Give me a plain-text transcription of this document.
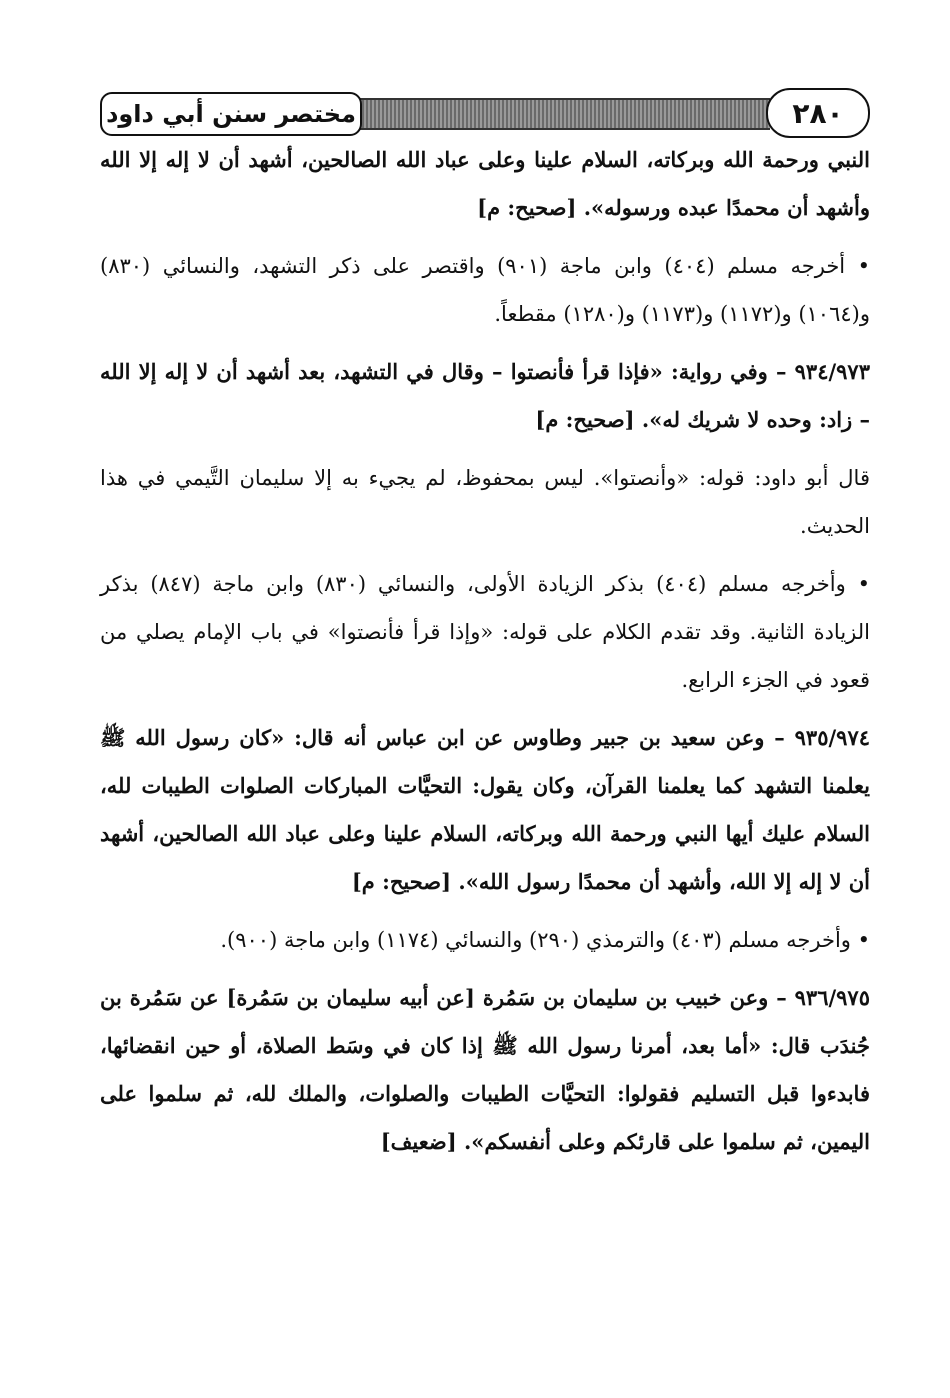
مختصر سنن أبي داود	٢٨٠

النبي ورحمة الله وبركاته، السلام علينا وعلى عباد الله الصالحين، أشهد أن لا إله إلا الله وأشهد أن محمدًا عبده ورسوله». [صحيح: م]

• أخرجه مسلم (٤٠٤) وابن ماجة (٩٠١) واقتصر على ذكر التشهد، والنسائي (٨٣٠) و(١٠٦٤) و(١١٧٢) و(١١٧٣) و(١٢٨٠) مقطعاً.

٩٣٤/٩٧٣ – وفي رواية: «فإذا قرأ فأنصتوا – وقال في التشهد، بعد أشهد أن لا إله إلا الله – زاد: وحده لا شريك له». [صحيح: م]

قال أبو داود: قوله: «وأنصتوا». ليس بمحفوظ، لم يجيء به إلا سليمان التَّيمي في هذا الحديث.

• وأخرجه مسلم (٤٠٤) بذكر الزيادة الأولى، والنسائي (٨٣٠) وابن ماجة (٨٤٧) بذكر الزيادة الثانية. وقد تقدم الكلام على قوله: «وإذا قرأ فأنصتوا» في باب الإمام يصلي من قعود في الجزء الرابع.

٩٣٥/٩٧٤ – وعن سعيد بن جبير وطاوس عن ابن عباس أنه قال: «كان رسول الله ﷺ يعلمنا التشهد كما يعلمنا القرآن، وكان يقول: التحيَّات المباركات الصلوات الطيبات لله، السلام عليك أيها النبي ورحمة الله وبركاته، السلام علينا وعلى عباد الله الصالحين، أشهد أن لا إله إلا الله، وأشهد أن محمدًا رسول الله». [صحيح: م]

• وأخرجه مسلم (٤٠٣) والترمذي (٢٩٠) والنسائي (١١٧٤) وابن ماجة (٩٠٠).

٩٣٦/٩٧٥ – وعن خبيب بن سليمان بن سَمُرة [عن أبيه سليمان بن سَمُرة] عن سَمُرة بن جُندَب قال: «أما بعد، أمرنا رسول الله ﷺ إذا كان في وسَط الصلاة، أو حين انقضائها، فابدءوا قبل التسليم فقولوا: التحيَّات الطيبات والصلوات، والملك لله، ثم سلموا على اليمين، ثم سلموا على قارئكم وعلى أنفسكم». [ضعيف]
